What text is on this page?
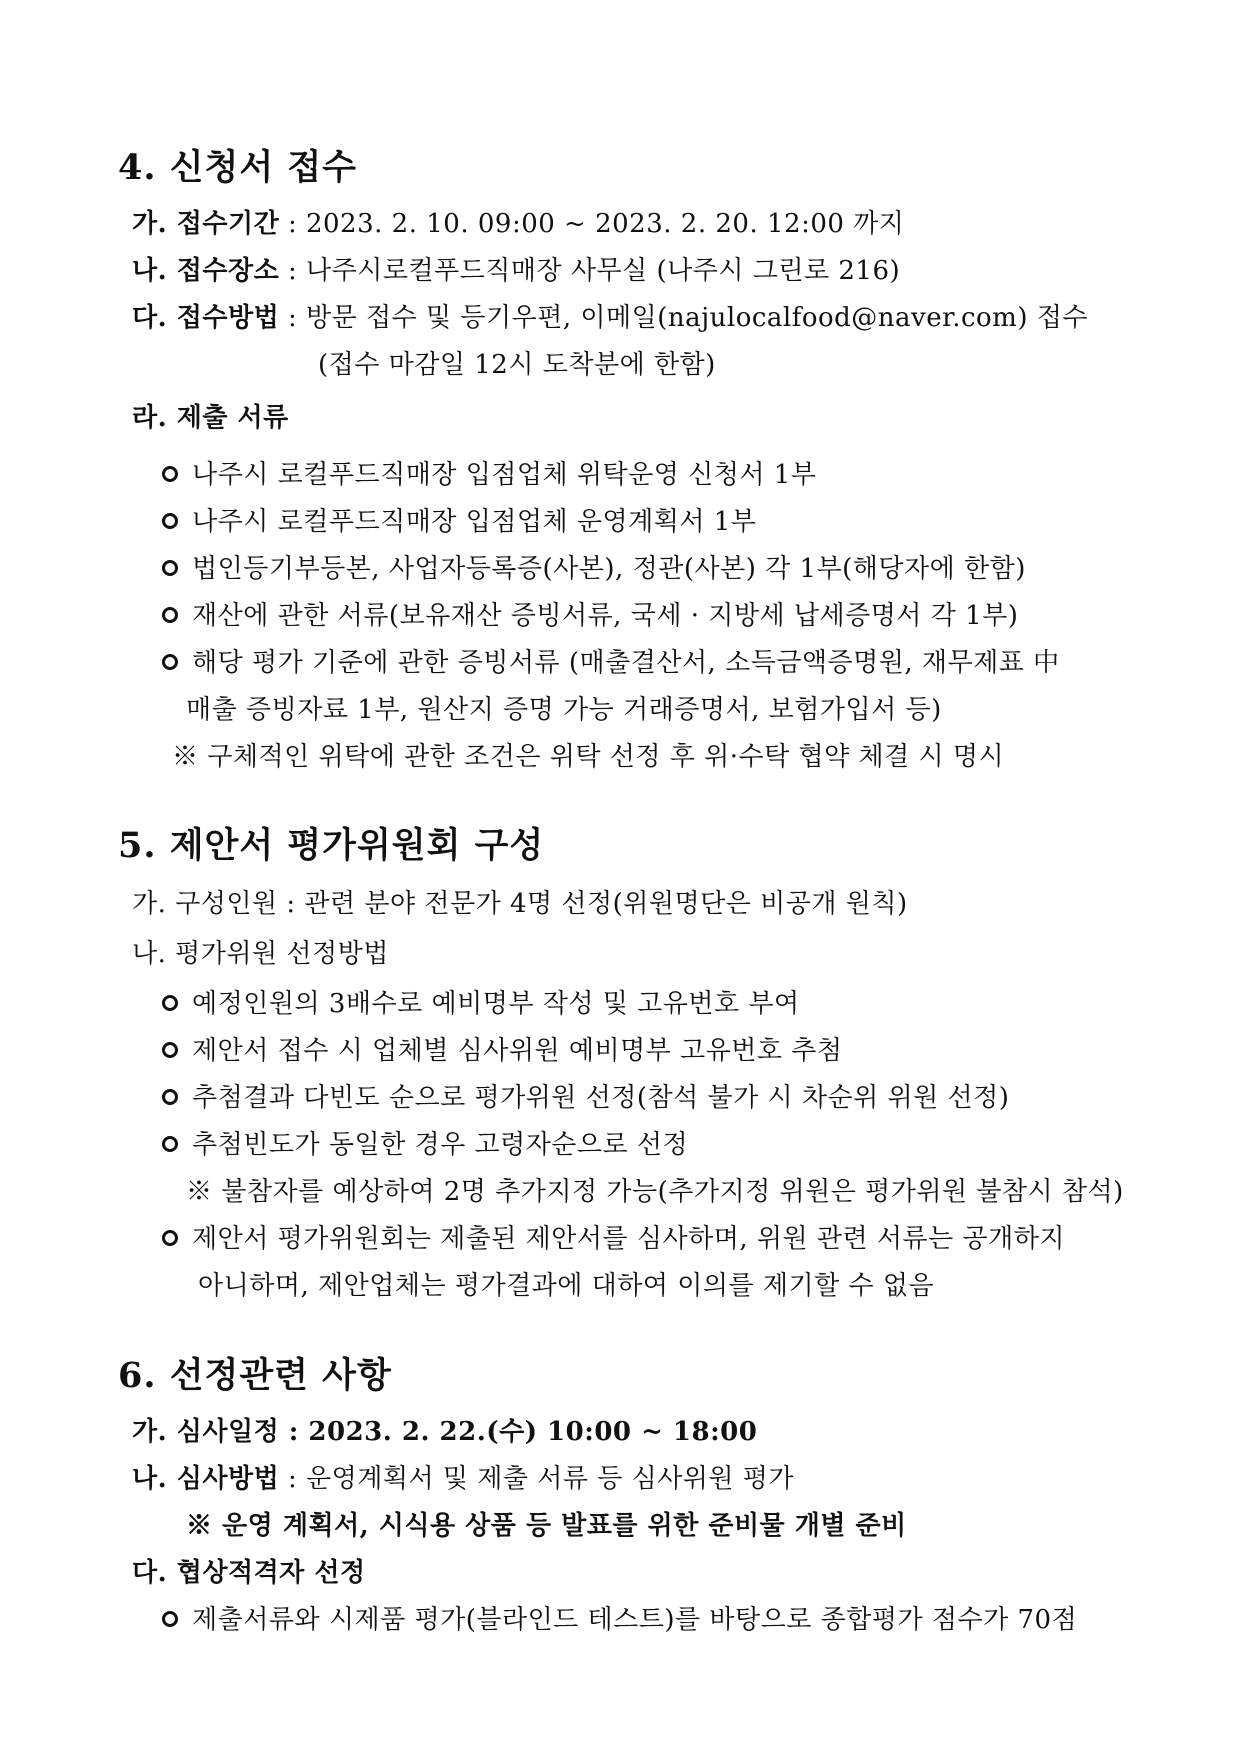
4. 신청서 접수
가. 접수기간 : 2023. 2. 10. 09:00 ~ 2023. 2. 20. 12:00 까지
나. 접수장소 : 나주시로컬푸드직매장 사무실 (나주시 그린로 216)
다. 접수방법 : 방문 접수 및 등기우편, 이메일(najulocalfood@naver.com) 접수
(접수 마감일 12시 도착분에 한함)
라. 제출 서류
나주시 로컬푸드직매장 입점업체 위탁운영 신청서 1부
나주시 로컬푸드직매장 입점업체 운영계획서 1부
법인등기부등본, 사업자등록증(사본), 정관(사본) 각 1부(해당자에 한함)
재산에 관한 서류(보유재산 증빙서류, 국세 · 지방세 납세증명서 각 1부)
해당 평가 기준에 관한 증빙서류 (매출결산서, 소득금액증명원, 재무제표 中
매출 증빙자료 1부, 원산지 증명 가능 거래증명서, 보험가입서 등)
※ 구체적인 위탁에 관한 조건은 위탁 선정 후 위·수탁 협약 체결 시 명시
5. 제안서 평가위원회 구성
가. 구성인원 : 관련 분야 전문가 4명 선정(위원명단은 비공개 원칙)
나. 평가위원 선정방법
예정인원의 3배수로 예비명부 작성 및 고유번호 부여
제안서 접수 시 업체별 심사위원 예비명부 고유번호 추첨
추첨결과 다빈도 순으로 평가위원 선정(참석 불가 시 차순위 위원 선정)
추첨빈도가 동일한 경우 고령자순으로 선정
※ 불참자를 예상하여 2명 추가지정 가능(추가지정 위원은 평가위원 불참시 참석)
제안서 평가위원회는 제출된 제안서를 심사하며, 위원 관련 서류는 공개하지
아니하며, 제안업체는 평가결과에 대하여 이의를 제기할 수 없음
6. 선정관련 사항
가. 심사일정 : 2023. 2. 22.(수) 10:00 ~ 18:00
나. 심사방법 : 운영계획서 및 제출 서류 등 심사위원 평가
※ 운영 계획서, 시식용 상품 등 발표를 위한 준비물 개별 준비
다. 협상적격자 선정
제출서류와 시제품 평가(블라인드 테스트)를 바탕으로 종합평가 점수가 70점
